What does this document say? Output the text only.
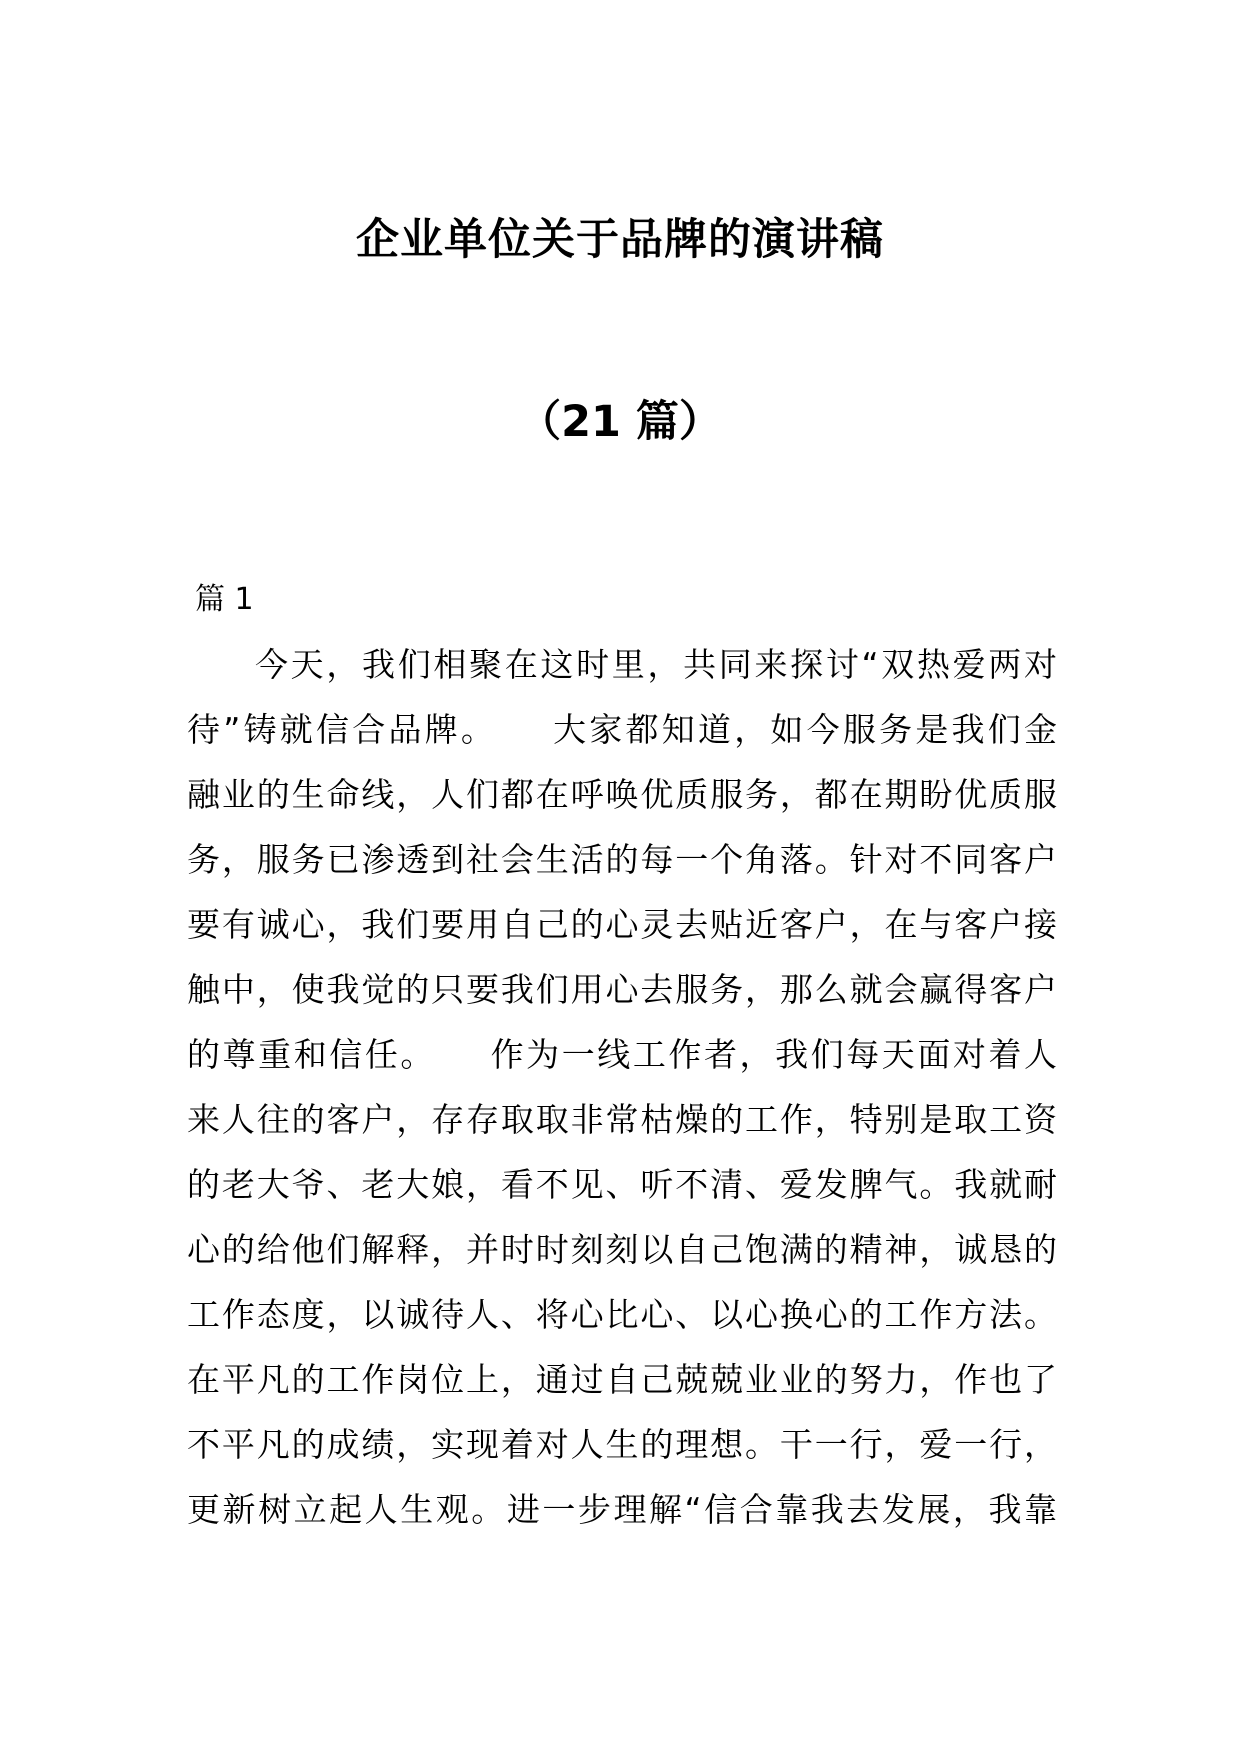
企业单位关于品牌的演讲稿
（21 篇）
篇 1
今天，我们相聚在这时里，共同来探讨“双热爱两对
待”铸就信合品牌。　　大家都知道，如今服务是我们金
融业的生命线，人们都在呼唤优质服务，都在期盼优质服
务，服务已渗透到社会生活的每一个角落。针对不同客户
要有诚心，我们要用自己的心灵去贴近客户，在与客户接
触中，使我觉的只要我们用心去服务，那么就会赢得客户
的尊重和信任。　　作为一线工作者，我们每天面对着人
来人往的客户，存存取取非常枯燥的工作，特别是取工资
的老大爷、老大娘，看不见、听不清、爱发脾气。我就耐
心的给他们解释，并时时刻刻以自己饱满的精神，诚恳的
工作态度，以诚待人、将心比心、以心换心的工作方法。
在平凡的工作岗位上，通过自己兢兢业业的努力，作也了
不平凡的成绩，实现着对人生的理想。干一行，爱一行，
更新树立起人生观。进一步理解“信合靠我去发展，我靠
